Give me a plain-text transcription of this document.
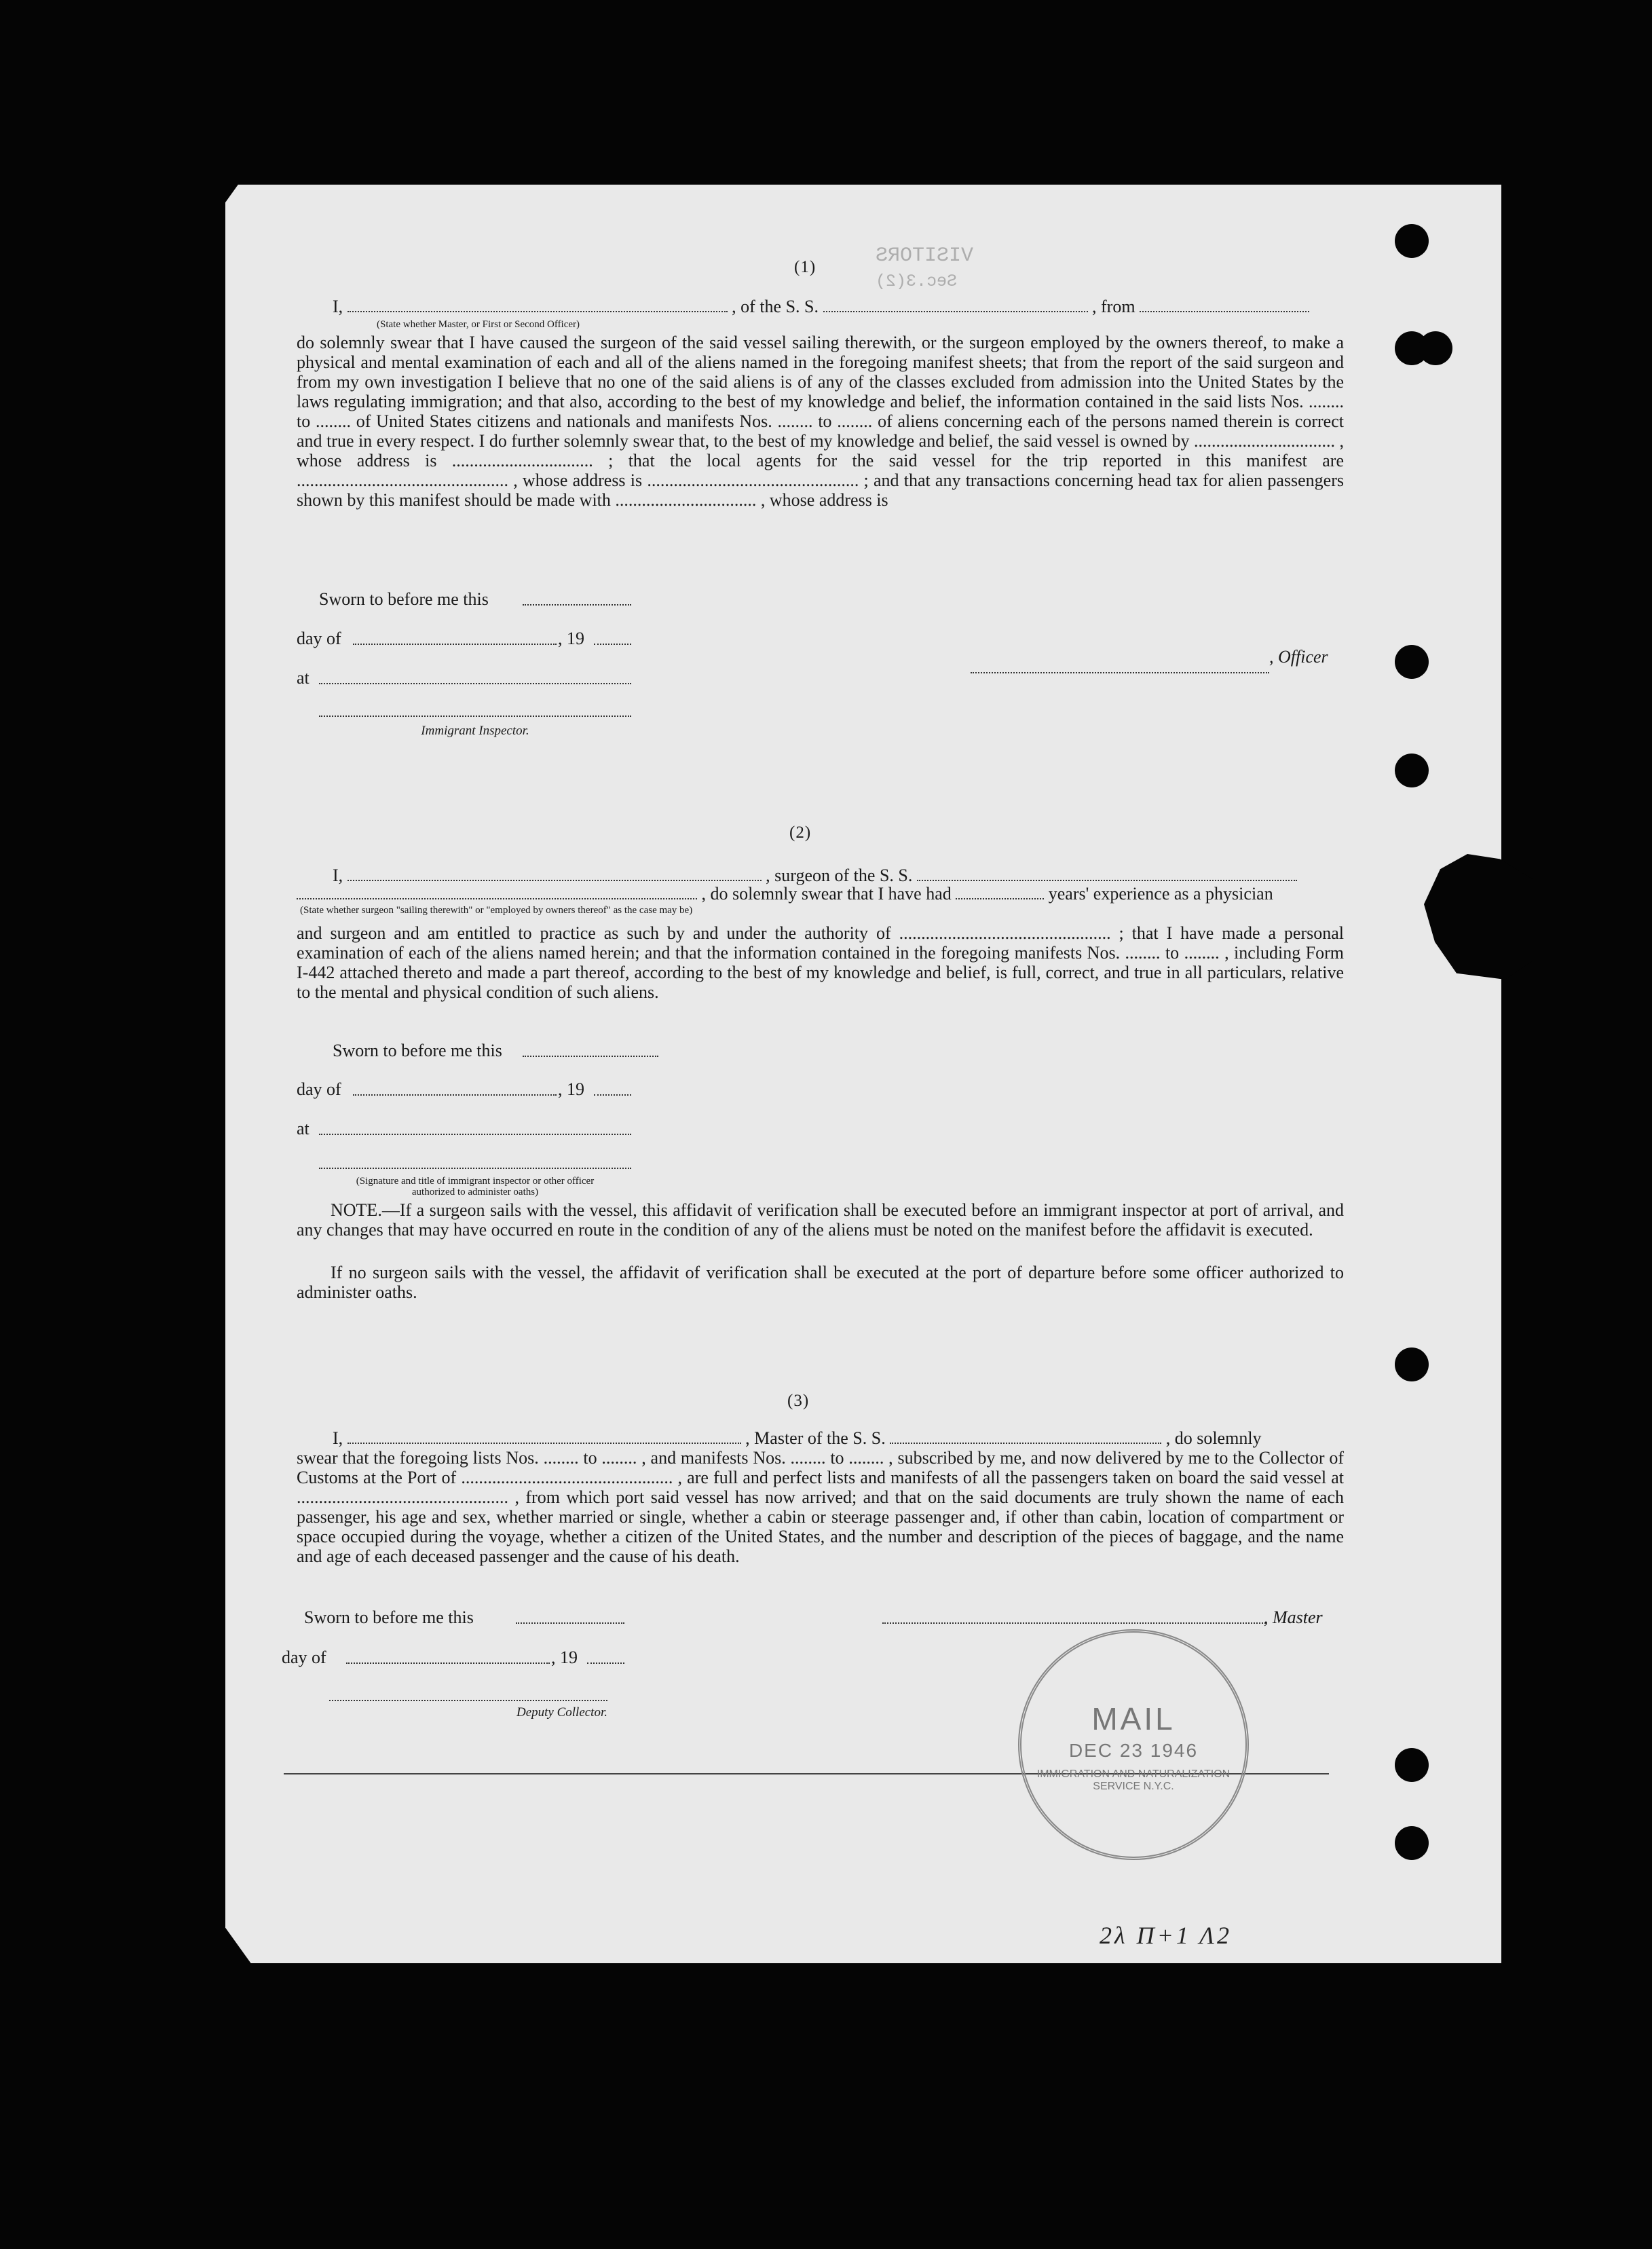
VISITORS
Sec.3(2)
(1)
I,	, of the S. S.	, from
(State whether Master, or First or Second Officer)
do solemnly swear that I have caused the surgeon of the said vessel sailing therewith, or the surgeon employed by the owners thereof, to make a physical and mental examination of each and all of the aliens named in the foregoing manifest sheets; that from the report of the said surgeon and from my own investigation I believe that no one of the said aliens is of any of the classes excluded from admission into the United States by the laws regulating immigration; and that also, according to the best of my knowledge and belief, the information contained in the said lists Nos. ........ to ........ of United States citizens and nationals and manifests Nos. ........ to ........ of aliens concerning each of the persons named therein is correct and true in every respect. I do further solemnly swear that, to the best of my knowledge and belief, the said vessel is owned by ................................ , whose address is ................................ ; that the local agents for the said vessel for the trip reported in this manifest are ................................................ , whose address is ................................................ ; and that any transactions concerning head tax for alien passengers shown by this manifest should be made with ................................ , whose address is
Sworn to before me this
day of	, 19
at
Immigrant Inspector.
, Officer
(2)
I,	, surgeon of the S. S.
, do solemnly swear that I have had	years' experience as a physician
(State whether surgeon "sailing therewith" or "employed by owners thereof" as the case may be)
and surgeon and am entitled to practice as such by and under the authority of ................................................ ; that I have made a personal examination of each of the aliens named herein; and that the information contained in the foregoing manifests Nos. ........ to ........ , including Form I-442 attached thereto and made a part thereof, according to the best of my knowledge and belief, is full, correct, and true in all particulars, relative to the mental and physical condition of such aliens.
Sworn to before me this
day of	, 19
at
(Signature and title of immigrant inspector or other officer authorized to administer oaths)
NOTE.—If a surgeon sails with the vessel, this affidavit of verification shall be executed before an immigrant inspector at port of arrival, and any changes that may have occurred en route in the condition of any of the aliens must be noted on the manifest before the affidavit is executed.
If no surgeon sails with the vessel, the affidavit of verification shall be executed at the port of departure before some officer authorized to administer oaths.
(3)
I,	, Master of the S. S.	, do solemnly
swear that the foregoing lists Nos. ........ to ........ , and manifests Nos. ........ to ........ , subscribed by me, and now delivered by me to the Collector of Customs at the Port of ................................................ , are full and perfect lists and manifests of all the passengers taken on board the said vessel at ................................................ , from which port said vessel has now arrived; and that on the said documents are truly shown the name of each passenger, his age and sex, whether married or single, whether a cabin or steerage passenger and, if other than cabin, location of compartment or space occupied during the voyage, whether a citizen of the United States, and the number and description of the pieces of baggage, and the name and age of each deceased passenger and the cause of his death.
Sworn to before me this	, Master
day of	, 19
Deputy Collector.	MAIL
DEC 23 1946
IMMIGRATION AND NATURALIZATION SERVICE N.Y.C.
2λ Π+1 Λ2
